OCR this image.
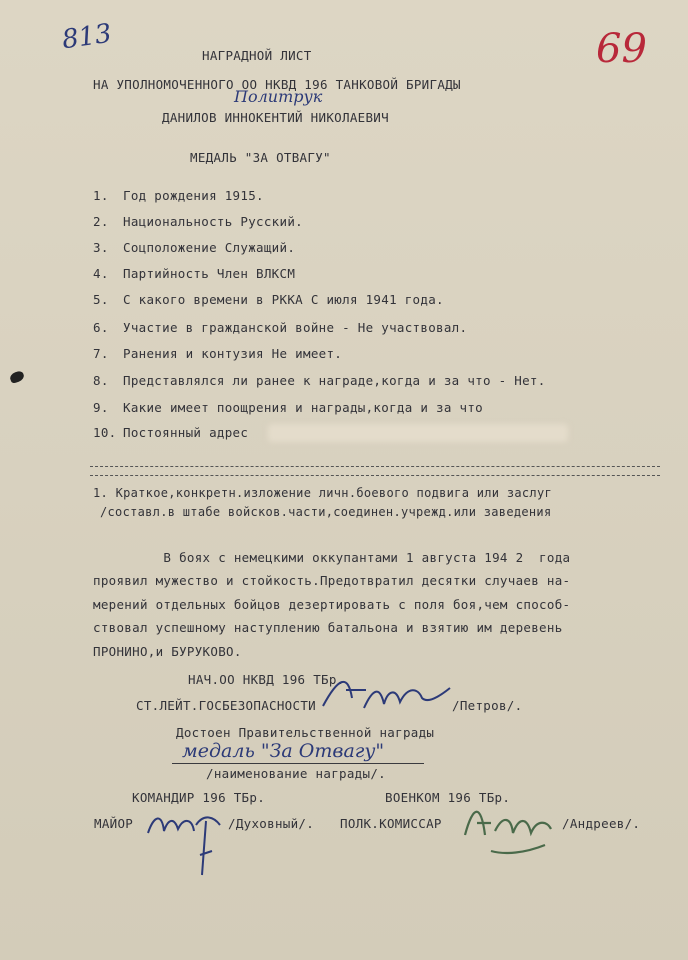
813	69
НАГРАДНОЙ ЛИСТ
НА УПОЛНОМОЧЕННОГО ОО НКВД 196 ТАНКОВОЙ БРИГАДЫ
Политрук
ДАНИЛОВ ИННОКЕНТИЙ НИКОЛАЕВИЧ
МЕДАЛЬ "ЗА ОТВАГУ"
1. Год рождения 1915.
2. Национальность Русский.
3. Соцположение Служащий.
4. Партийность Член ВЛКСМ
5. С какого времени в РККА С июля 1941 года.
6. Участие в гражданской войне - Не участвовал.
7. Ранения и контузия Не имеет.
8. Представлялся ли ранее к награде,когда и за что - Нет.
9. Какие имеет поощрения и награды,когда и за что
10. Постоянный адрес
1. Краткое,конкретн.изложение личн.боевого подвига или заслуг
/составл.в штабе войсков.части,соединен.учрежд.или заведения
В боях с немецкими оккупантами 1 августа 194 2  года
проявил мужество и стойкость.Предотвратил десятки случаев на-
мерений отдельных бойцов дезертировать с поля боя,чем способ-
ствовал успешному наступлению батальона и взятию им деревень
ПРОНИНО,и БУРУКОВО.
НАЧ.ОО НКВД 196 ТБр.
СТ.ЛЕЙТ.ГОСБЕЗОПАСНОСТИ	/Петров/.
Достоен Правительственной награды
медаль "За Отвагу"
/наименование награды/.
КОМАНДИР 196 ТБр.
МАЙОР	/Духовный/.
ВОЕНКОМ 196 ТБр.
ПОЛК.КОМИССАР	/Андреев/.
